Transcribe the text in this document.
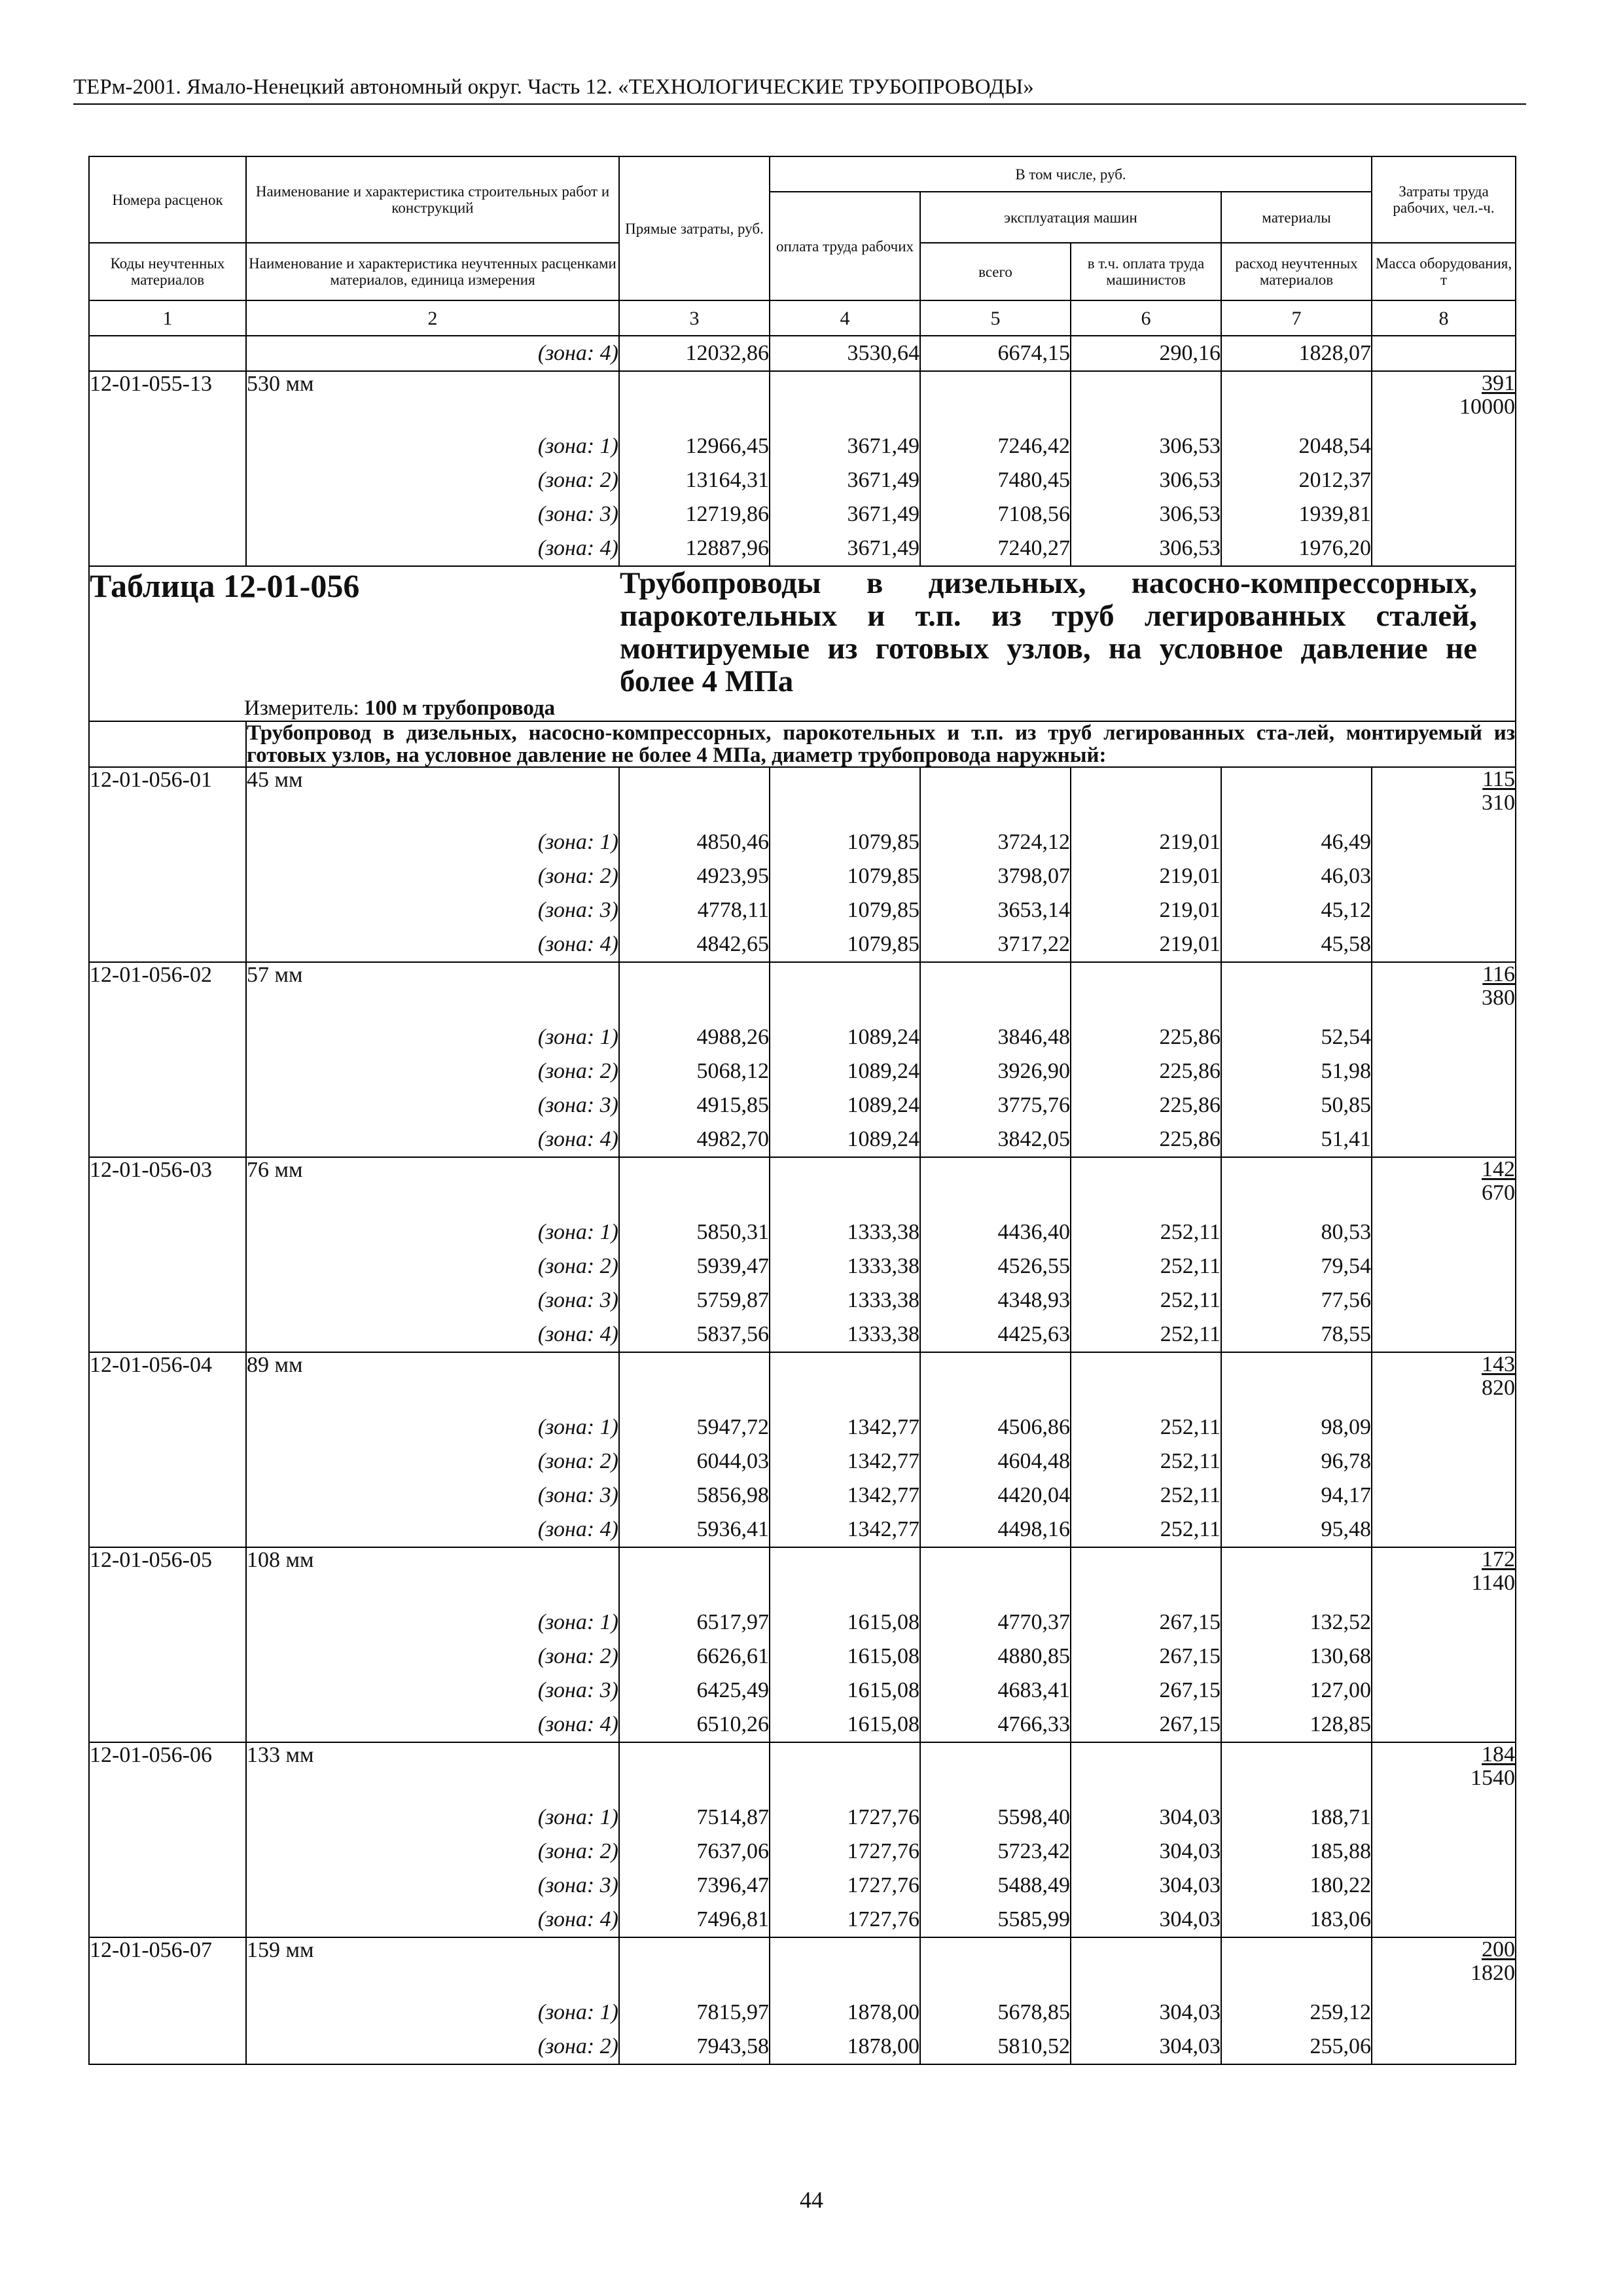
ТЕРм-2001. Ямало-Ненецкий автономный округ. Часть 12. «ТЕХНОЛОГИЧЕСКИЕ ТРУБОПРОВОДЫ»
Номера расценок	Наименование и характеристика строительных работ и конструкций	Прямые затраты, руб.	В том числе, руб.				Затраты труда рабочих, чел.-ч.
			оплата труда рабочих	эксплуатация машин		материалы	
Коды неучтенных материалов	Наименование и характеристика неучтенных расценками материалов, единица измерения			всего	в т.ч. оплата труда машинистов	расход неучтенных материалов	Масса оборудования, т
1	2	3	4	5	6	7	8
	(зона: 4)	12032,86	3530,64	6674,15	290,16	1828,07	
12-01-055-13	530 мм						391
10000

	(зона: 1)	12966,45	3671,49	7246,42	306,53	2048,54	
	(зона: 2)	13164,31	3671,49	7480,45	306,53	2012,37	
	(зона: 3)	12719,86	3671,49	7108,56	306,53	1939,81	
	(зона: 4)	12887,96	3671,49	7240,27	306,53	1976,20	

Таблица 12-01-056 Трубопроводы в дизельных, насосно-компрессорных, парокотельных и т.п. из труб легированных сталей, монтируемые из готовых узлов, на условное давление не более 4 МПа
Измеритель: 100 м трубопровода							

	Трубопровод в дизельных, насосно-компрессорных, парокотельных и т.п. из труб легированных ста-лей, монтируемый из готовых узлов, на условное давление не более 4 МПа, диаметр трубопровода наружный:						
12-01-056-01	45 мм						115
310

	(зона: 1)	4850,46	1079,85	3724,12	219,01	46,49	
	(зона: 2)	4923,95	1079,85	3798,07	219,01	46,03	
	(зона: 3)	4778,11	1079,85	3653,14	219,01	45,12	
	(зона: 4)	4842,65	1079,85	3717,22	219,01	45,58	
12-01-056-02	57 мм						116
380

	(зона: 1)	4988,26	1089,24	3846,48	225,86	52,54	
	(зона: 2)	5068,12	1089,24	3926,90	225,86	51,98	
	(зона: 3)	4915,85	1089,24	3775,76	225,86	50,85	
	(зона: 4)	4982,70	1089,24	3842,05	225,86	51,41	
12-01-056-03	76 мм						142
670

	(зона: 1)	5850,31	1333,38	4436,40	252,11	80,53	
	(зона: 2)	5939,47	1333,38	4526,55	252,11	79,54	
	(зона: 3)	5759,87	1333,38	4348,93	252,11	77,56	
	(зона: 4)	5837,56	1333,38	4425,63	252,11	78,55	
12-01-056-04	89 мм						143
820

	(зона: 1)	5947,72	1342,77	4506,86	252,11	98,09	
	(зона: 2)	6044,03	1342,77	4604,48	252,11	96,78	
	(зона: 3)	5856,98	1342,77	4420,04	252,11	94,17	
	(зона: 4)	5936,41	1342,77	4498,16	252,11	95,48	
12-01-056-05	108 мм						172
1140

	(зона: 1)	6517,97	1615,08	4770,37	267,15	132,52	
	(зона: 2)	6626,61	1615,08	4880,85	267,15	130,68	
	(зона: 3)	6425,49	1615,08	4683,41	267,15	127,00	
	(зона: 4)	6510,26	1615,08	4766,33	267,15	128,85	
12-01-056-06	133 мм						184
1540

	(зона: 1)	7514,87	1727,76	5598,40	304,03	188,71	
	(зона: 2)	7637,06	1727,76	5723,42	304,03	185,88	
	(зона: 3)	7396,47	1727,76	5488,49	304,03	180,22	
	(зона: 4)	7496,81	1727,76	5585,99	304,03	183,06	
12-01-056-07	159 мм						200
1820

	(зона: 1)	7815,97	1878,00	5678,85	304,03	259,12	
	(зона: 2)	7943,58	1878,00	5810,52	304,03	255,06	
44
